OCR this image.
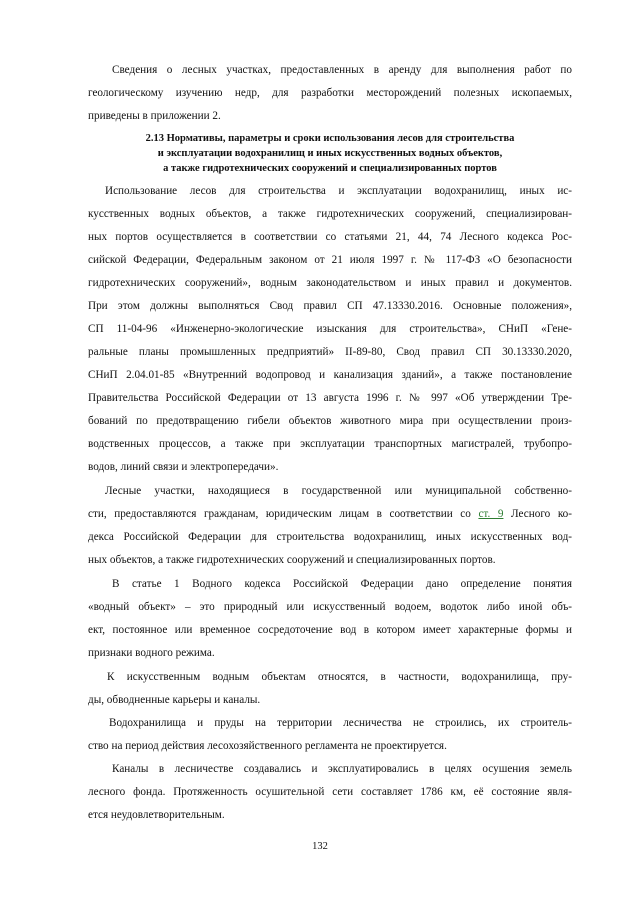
Сведения о лесных участках, предоставленных в аренду для выполнения работ по
геологическому изучению недр, для разработки месторождений полезных ископаемых,
приведены в приложении 2.
2.13 Нормативы, параметры и сроки использования лесов для строительства
и эксплуатации водохранилищ и иных искусственных водных объектов,
а также гидротехнических сооружений и специализированных портов
Использование лесов для строительства и эксплуатации водохранилищ, иных ис-
кусственных водных объектов, а также гидротехнических сооружений, специализирован-
ных портов осуществляется в соответствии со статьями 21, 44, 74 Лесного кодекса Рос-
сийской Федерации, Федеральным законом от 21 июля 1997 г. № 117-ФЗ «О безопасности
гидротехнических сооружений», водным законодательством и иных правил и документов.
При этом должны выполняться Свод правил СП 47.13330.2016. Основные положения»,
СП 11-04-96 «Инженерно-экологические изыскания для строительства», СНиП «Гене-
ральные планы промышленных предприятий» II-89-80, Свод правил СП 30.13330.2020,
СНиП 2.04.01-85 «Внутренний водопровод и канализация зданий», а также постановление
Правительства Российской Федерации от 13 августа 1996 г. № 997 «Об утверждении Тре-
бований по предотвращению гибели объектов животного мира при осуществлении произ-
водственных процессов, а также при эксплуатации транспортных магистралей, трубопро-
водов, линий связи и электропередачи».
Лесные участки, находящиеся в государственной или муниципальной собственно-
сти, предоставляются гражданам, юридическим лицам в соответствии со ст. 9 Лесного ко-
декса Российской Федерации для строительства водохранилищ, иных искусственных вод-
ных объектов, а также гидротехнических сооружений и специализированных портов.
В статье 1 Водного кодекса Российской Федерации дано определение понятия
«водный объект» – это природный или искусственный водоем, водоток либо иной объ-
ект, постоянное или временное сосредоточение вод в котором имеет характерные формы и
признаки водного режима.
К искусственным водным объектам относятся, в частности, водохранилища, пру-
ды, обводненные карьеры и каналы.
Водохранилища и пруды на территории лесничества не строились, их строитель-
ство на период действия лесохозяйственного регламента не проектируется.
Каналы в лесничестве создавались и эксплуатировались в целях осушения земель
лесного фонда. Протяженность осушительной сети составляет 1786 км, её состояние явля-
ется неудовлетворительным.
132
